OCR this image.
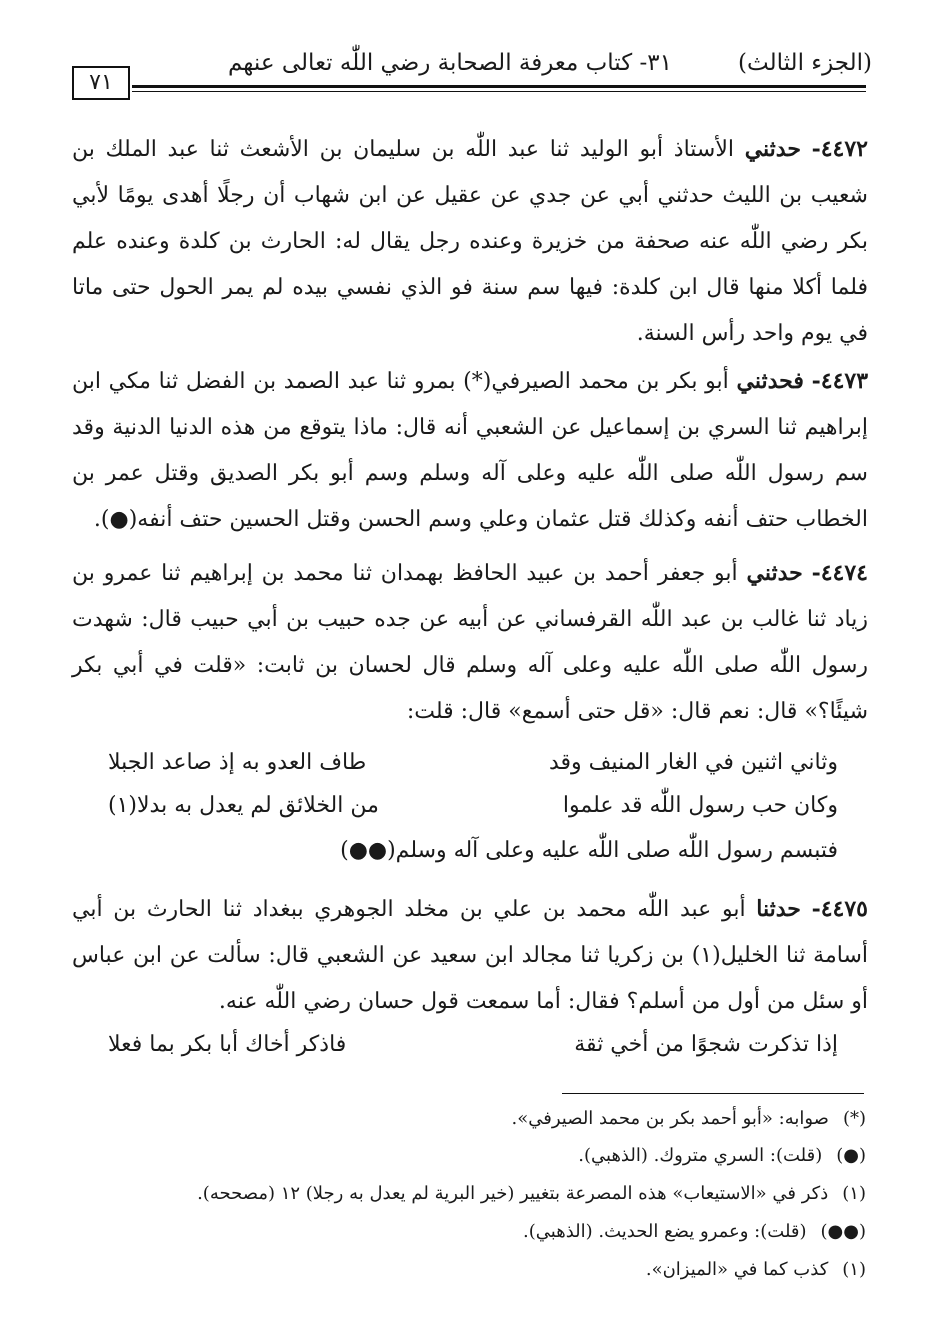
(الجزء الثالث)
٣١- كتاب معرفة الصحابة رضي اللّٰه تعالى عنهم
٧١
٤٤٧٢- حدثني الأستاذ أبو الوليد ثنا عبد اللّٰه بن سليمان بن الأشعث ثنا عبد الملك بن شعيب بن الليث حدثني أبي عن جدي عن عقيل عن ابن شهاب أن رجلًا أهدى يومًا لأبي بكر رضي اللّٰه عنه صحفة من خزيرة وعنده رجل يقال له: الحارث بن كلدة وعنده علم فلما أكلا منها قال ابن كلدة: فيها سم سنة فو الذي نفسي بيده لم يمر الحول حتى ماتا في يوم واحد رأس السنة.
٤٤٧٣- فحدثني أبو بكر بن محمد الصيرفي(*) بمرو ثنا عبد الصمد بن الفضل ثنا مكي ابن إبراهيم ثنا السري بن إسماعيل عن الشعبي أنه قال: ماذا يتوقع من هذه الدنيا الدنية وقد سم رسول اللّٰه صلى اللّٰه عليه وعلى آله وسلم وسم أبو بكر الصديق وقتل عمر بن الخطاب حتف أنفه وكذلك قتل عثمان وعلي وسم الحسن وقتل الحسين حتف أنفه(●).
٤٤٧٤- حدثني أبو جعفر أحمد بن عبيد الحافظ بهمدان ثنا محمد بن إبراهيم ثنا عمرو بن زياد ثنا غالب بن عبد اللّٰه القرفساني عن أبيه عن جده حبيب بن أبي حبيب قال: شهدت رسول اللّٰه صلى اللّٰه عليه وعلى آله وسلم قال لحسان بن ثابت: «قلت في أبي بكر شيئًا؟» قال: نعم قال: «قل حتى أسمع» قال: قلت:
وثاني اثنين في الغار المنيف وقد
طاف العدو به إذ صاعد الجبلا
وكان حب رسول اللّٰه قد علموا
من الخلائق لم يعدل به بدلا(١)
فتبسم رسول اللّٰه صلى اللّٰه عليه وعلى آله وسلم(●●)
٤٤٧٥- حدثنا أبو عبد اللّٰه محمد بن علي بن مخلد الجوهري ببغداد ثنا الحارث بن أبي أسامة ثنا الخليل(١) بن زكريا ثنا مجالد ابن سعيد عن الشعبي قال: سألت عن ابن عباس أو سئل من أول من أسلم؟ فقال: أما سمعت قول حسان رضي اللّٰه عنه.
إذا تذكرت شجوًا من أخي ثقة
فاذكر أخاك أبا بكر بما فعلا
(*)صوابه: «أبو أحمد بكر بن محمد الصيرفي».
(●)(قلت): السري متروك. (الذهبي).
(١)ذكر في «الاستيعاب» هذه المصرعة بتغيير (خير البرية لم يعدل به رجلا) ١٢ (مصححه).
(●●)(قلت): وعمرو يضع الحديث. (الذهبي).
(١)كذب كما في «الميزان».
